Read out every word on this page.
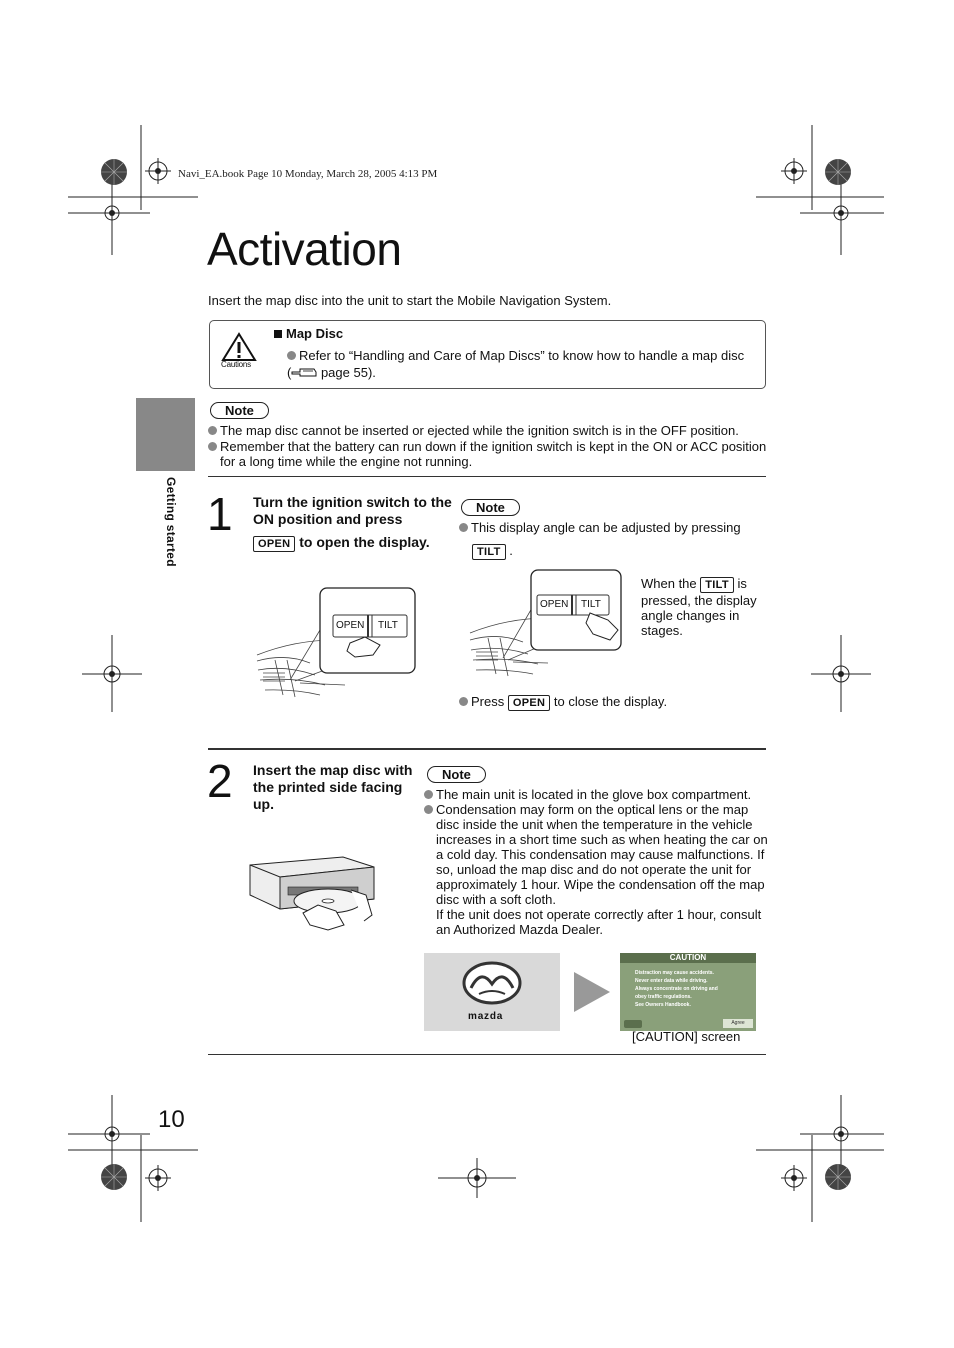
Navi_EA.book Page 10 Monday, March 28, 2005 4:13 PM
Getting started
Activation
Insert the map disc into the unit to start the Mobile Navigation System.
Cautions
Map Disc
Refer to “Handling and Care of Map Discs” to know how to handle a map disc ( page 55).
Note
The map disc cannot be inserted or ejected while the ignition switch is in the OFF position.
Remember that the battery can run down if the ignition switch is kept in the ON or ACC position for a long time while the engine not running.
1 Turn the ignition switch to the ON position and press
OPEN to open the display.
OPEN TILT
Note
This display angle can be adjusted by pressing
TILT .
OPEN TILT
When the TILT is pressed, the display angle changes in stages.
Press OPEN to close the display.
2 Insert the map disc with the printed side facing up.
Note
The main unit is located in the glove box compartment.
Condensation may form on the optical lens or the map disc inside the unit when the temperature in the vehicle increases in a short time such as when heating the car on a cold day. This condensation may cause malfunctions. If so, unload the map disc and do not operate the unit for approximately 1 hour. Wipe the condensation off the map disc with a soft cloth.
If the unit does not operate correctly after 1 hour, consult an Authorized Mazda Dealer.
mazda
CAUTION
Distraction may cause accidents.
Never enter data while driving.
Always concentrate on driving and
obey traffic regulations.
See Owners Handbook.
Agree
[CAUTION] screen
10
